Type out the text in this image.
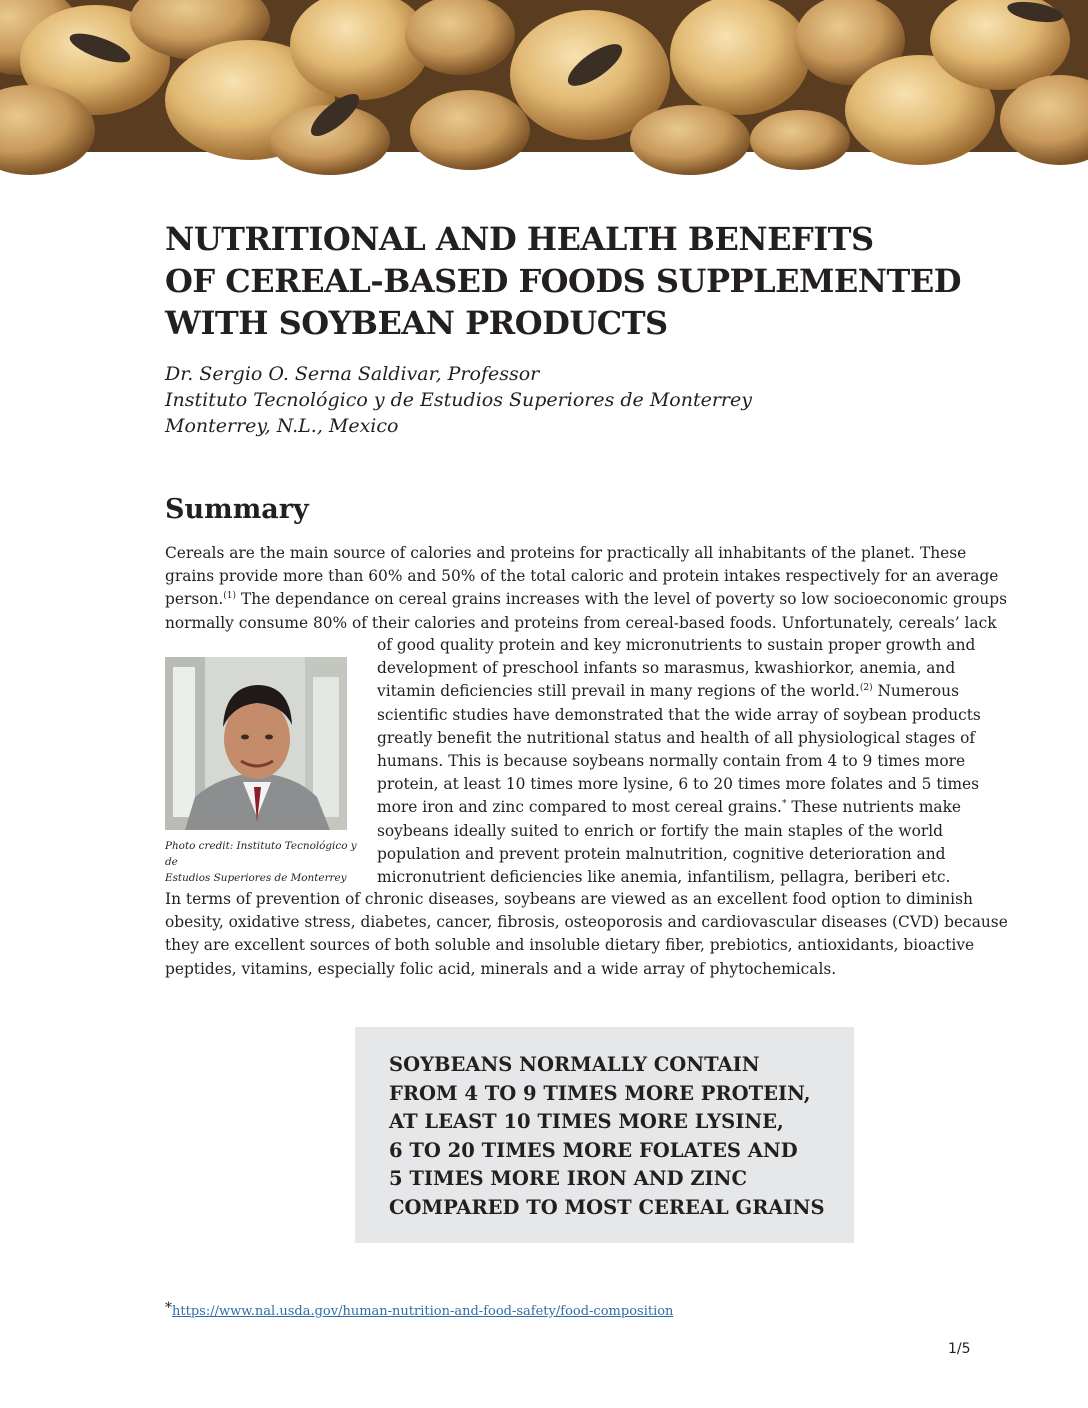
NUTRITIONAL AND HEALTH BENEFITS
OF CEREAL-BASED FOODS SUPPLEMENTED
WITH SOYBEAN PRODUCTS
Dr. Sergio O. Serna Saldivar, Professor
Instituto Tecnológico y de Estudios Superiores de Monterrey
Monterrey, N.L., Mexico
Summary
Cereals are the main source of calories and proteins for practically all inhabitants of the planet. These
grains provide more than 60% and 50% of the total caloric and protein intakes respectively for an average
person.$^{(1)}$ The dependance on cereal grains increases with the level of poverty so low socioeconomic groups
normally consume 80% of their calories and proteins from cereal-based foods. Unfortunately, cereals’ lack
of good quality protein and key micronutrients to sustain proper growth and
development of preschool infants so marasmus, kwashiorkor, anemia, and
vitamin deficiencies still prevail in many regions of the world.$^{(2)}$ Numerous
scientific studies have demonstrated that the wide array of soybean products
greatly benefit the nutritional status and health of all physiological stages of
humans. This is because soybeans normally contain from 4 to 9 times more
protein, at least 10 times more lysine, 6 to 20 times more folates and 5 times
more iron and zinc compared to most cereal grains.* These nutrients make
soybeans ideally suited to enrich or fortify the main staples of the world
population and prevent protein malnutrition, cognitive deterioration and
micronutrient deficiencies like anemia, infantilism, pellagra, beriberi etc.
In terms of prevention of chronic diseases, soybeans are viewed as an excellent food option to diminish
obesity, oxidative stress, diabetes, cancer, fibrosis, osteoporosis and cardiovascular diseases (CVD) because
they are excellent sources of both soluble and insoluble dietary fiber, prebiotics, antioxidants, bioactive
peptides, vitamins, especially folic acid, minerals and a wide array of phytochemicals.
Photo credit: Instituto Tecnológico y de
Estudios Superiores de Monterrey
SOYBEANS NORMALLY CONTAIN
FROM 4 TO 9 TIMES MORE PROTEIN,
AT LEAST 10 TIMES MORE LYSINE,
6 TO 20 TIMES MORE FOLATES AND
5 TIMES MORE IRON AND ZINC
COMPARED TO MOST CEREAL GRAINS
*https://www.nal.usda.gov/human-nutrition-and-food-safety/food-composition
1/5
